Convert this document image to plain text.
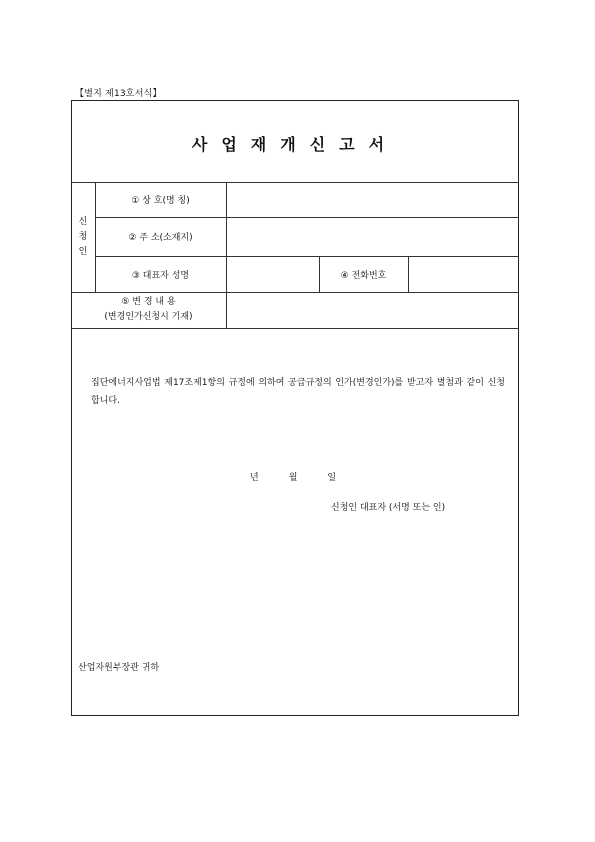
【별지 제13호서식】
사업재개신고서
신
청
인
① 상 호(명 칭)
② 주 소(소재지)
③ 대표자 성명	④ 전화번호
⑤ 변 경 내 용
(변경인가신청시 기재)
집단에너지사업법 제17조제1항의 규정에 의하여 공급규정의 인가(변경인가)를 받고자 별첨과 같이 신청합니다.
년	월	일
신청인 대표자 (서명 또는 인)
산업자원부장관 귀하
